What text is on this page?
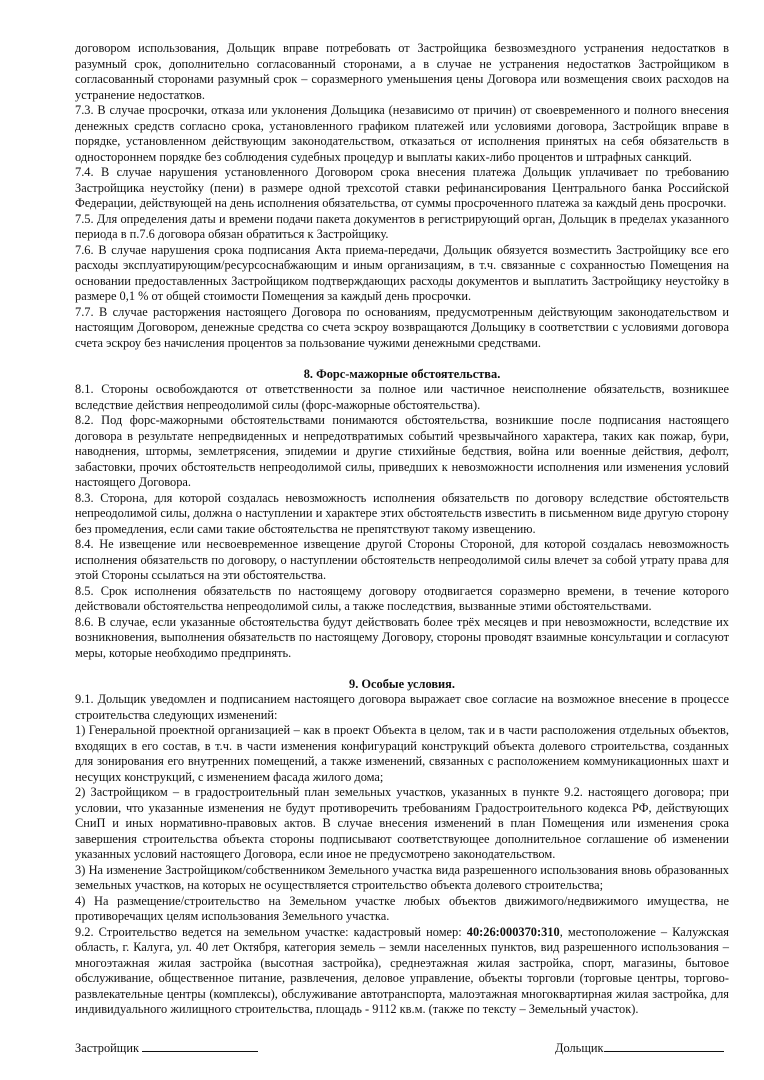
договором использования, Дольщик вправе потребовать от Застройщика безвозмездного устранения недостатков в разумный срок, дополнительно согласованный сторонами, а в случае не устранения недостатков Застройщиком в согласованный сторонами разумный срок – соразмерного уменьшения цены Договора или возмещения своих расходов на устранение недостатков.

7.3. В случае просрочки, отказа или уклонения Дольщика (независимо от причин) от своевременного и полного внесения денежных средств согласно срока, установленного графиком платежей или условиями договора, Застройщик вправе в порядке, установленном действующим законодательством, отказаться от исполнения принятых на себя обязательств в одностороннем порядке без соблюдения судебных процедур и выплаты каких-либо процентов и штрафных санкций.

7.4. В случае нарушения установленного Договором срока внесения платежа Дольщик уплачивает по требованию Застройщика неустойку (пени) в размере одной трехсотой ставки рефинансирования Центрального банка Российской Федерации, действующей на день исполнения обязательства, от суммы просроченного платежа за каждый день просрочки.

7.5. Для определения даты и времени подачи пакета документов в регистрирующий орган, Дольщик в пределах указанного периода в п.7.6 договора обязан обратиться к Застройщику.

7.6. В случае нарушения срока подписания Акта приема-передачи, Дольщик обязуется возместить Застройщику все его расходы эксплуатирующим/ресурсоснабжающим и иным организациям, в т.ч. связанные с сохранностью Помещения на основании предоставленных Застройщиком подтверждающих расходы документов и выплатить Застройщику неустойку в размере 0,1 % от общей стоимости Помещения за каждый день просрочки.

7.7. В случае расторжения настоящего Договора по основаниям, предусмотренным действующим законодательством и настоящим Договором, денежные средства со счета эскроу возвращаются Дольщику в соответствии с условиями договора счета эскроу без начисления процентов за пользование чужими денежными средствами.

8. Форс-мажорные обстоятельства.

8.1. Стороны освобождаются от ответственности за полное или частичное неисполнение обязательств, возникшее вследствие действия непреодолимой силы (форс-мажорные обстоятельства).

8.2. Под форс-мажорными обстоятельствами понимаются обстоятельства, возникшие после подписания настоящего договора в результате непредвиденных и непредотвратимых событий чрезвычайного характера, таких как пожар, бури, наводнения, штормы, землетрясения, эпидемии и другие стихийные бедствия, война или военные действия, дефолт, забастовки, прочих обстоятельств непреодолимой силы, приведших к невозможности исполнения или изменения условий настоящего Договора.

8.3. Сторона, для которой создалась невозможность исполнения обязательств по договору вследствие обстоятельств непреодолимой силы, должна о наступлении и характере этих обстоятельств известить в письменном виде другую сторону без промедления, если сами такие обстоятельства не препятствуют такому извещению.

8.4. Не извещение или несвоевременное извещение другой Стороны Стороной, для которой создалась невозможность исполнения обязательств по договору, о наступлении обстоятельств непреодолимой силы влечет за собой утрату права для этой Стороны ссылаться на эти обстоятельства.

8.5. Срок исполнения обязательств по настоящему договору отодвигается соразмерно времени, в течение которого действовали обстоятельства непреодолимой силы, а также последствия, вызванные этими обстоятельствами.

8.6. В случае, если указанные обстоятельства будут действовать более трёх месяцев и при невозможности, вследствие их возникновения, выполнения обязательств по настоящему Договору, стороны проводят взаимные консультации и согласуют меры, которые необходимо предпринять.

9. Особые условия.

9.1. Дольщик уведомлен и подписанием настоящего договора выражает свое согласие на возможное внесение в процессе строительства следующих изменений:

1) Генеральной проектной организацией – как в проект Объекта в целом, так и в части расположения отдельных объектов, входящих в его состав, в т.ч. в части изменения конфигураций конструкций объекта долевого строительства, созданных для зонирования его внутренних помещений, а также изменений, связанных с расположением коммуникационных шахт и несущих конструкций, с изменением фасада жилого дома;

2) Застройщиком – в градостроительный план земельных участков, указанных в пункте 9.2. настоящего договора; при условии, что указанные изменения не будут противоречить требованиям Градостроительного кодекса РФ, действующих СниП и иных нормативно-правовых актов. В случае внесения изменений в план Помещения или изменения срока завершения строительства объекта стороны подписывают соответствующее дополнительное соглашение об изменении указанных условий настоящего Договора, если иное не предусмотрено законодательством.

3) На изменение Застройщиком/собственником Земельного участка вида разрешенного использования вновь образованных земельных участков, на которых не осуществляется строительство объекта долевого строительства;

4) На размещение/строительство на Земельном участке любых объектов движимого/недвижимого имущества, не противоречащих целям использования Земельного участка.

9.2. Строительство ведется на земельном участке: кадастровый номер: 40:26:000370:310, местоположение – Калужская область, г. Калуга, ул. 40 лет Октября, категория земель – земли населенных пунктов, вид разрешенного использования – многоэтажная жилая застройка (высотная застройка), среднеэтажная жилая застройка, спорт, магазины, бытовое обслуживание, общественное питание, развлечения, деловое управление, объекты торговли (торговые центры, торгово-развлекательные центры (комплексы), обслуживание автотранспорта, малоэтажная многоквартирная жилая застройка, для индивидуального жилищного строительства, площадь - 9112 кв.м. (также по тексту – Земельный участок).

Застройщик	Дольщик
